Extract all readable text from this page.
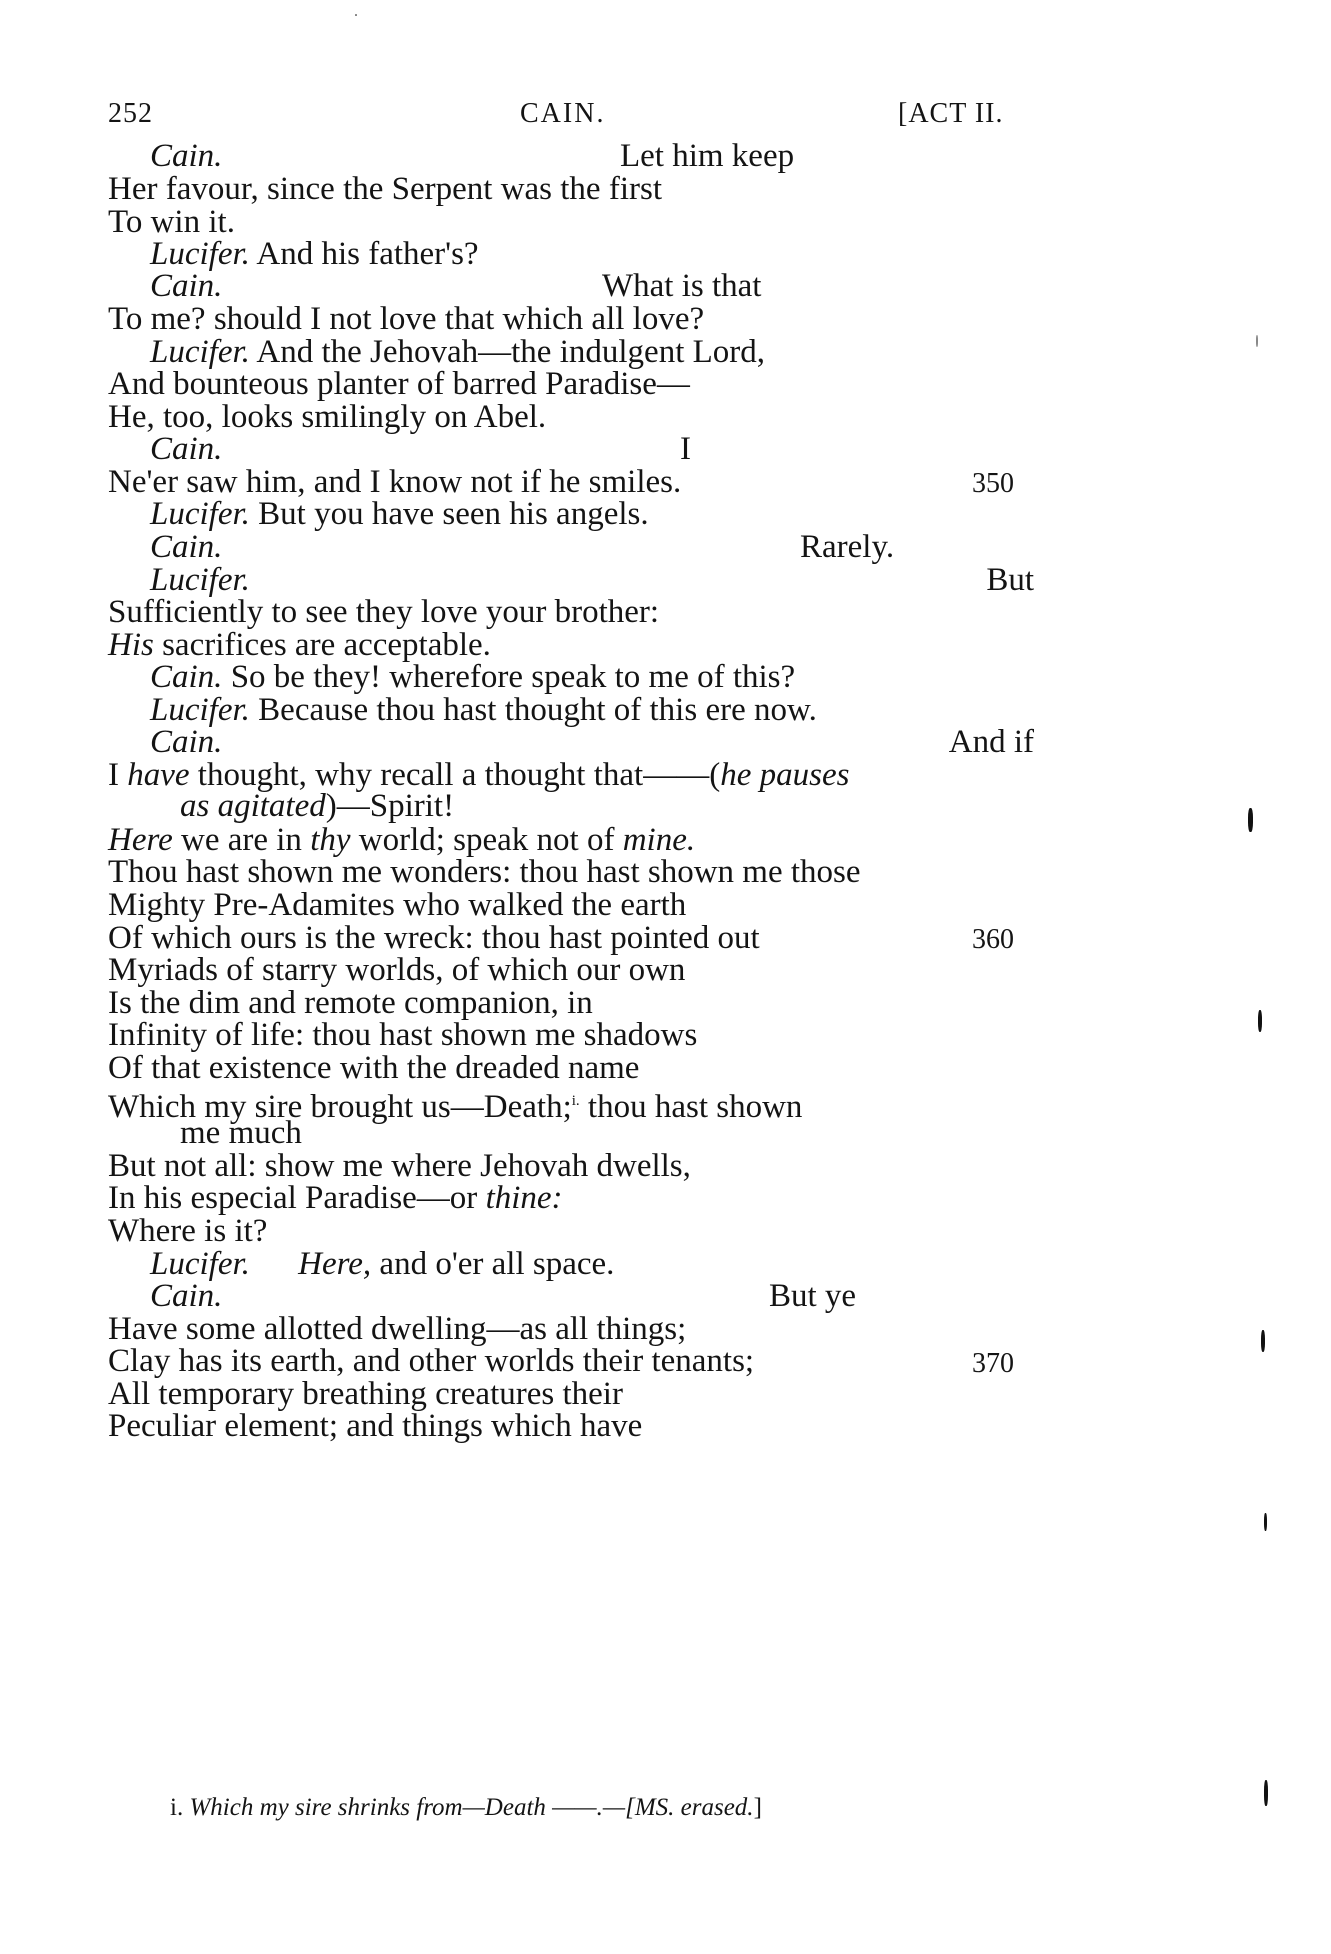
252	CAIN.	[ACT II.
Cain.	Let him keep
Her favour, since the Serpent was the first
To win it.
Lucifer. And his father's?
Cain.	What is that
To me? should I not love that which all love?
Lucifer. And the Jehovah—the indulgent Lord,
And bounteous planter of barred Paradise—
He, too, looks smilingly on Abel.
Cain.	I
Ne'er saw him, and I know not if he smiles.	350
Lucifer. But you have seen his angels.
Cain.	Rarely.
Lucifer.	But
Sufficiently to see they love your brother:
His sacrifices are acceptable.
Cain. So be they! wherefore speak to me of this?
Lucifer. Because thou hast thought of this ere now.
Cain.	And if
I have thought, why recall a thought that——(he pauses
as agitated)—Spirit!
Here we are in thy world; speak not of mine.
Thou hast shown me wonders: thou hast shown me those
Mighty Pre-Adamites who walked the earth
Of which ours is the wreck: thou hast pointed out	360
Myriads of starry worlds, of which our own
Is the dim and remote companion, in
Infinity of life: thou hast shown me shadows
Of that existence with the dreaded name
Which my sire brought us—Death;$^{i.}$ thou hast shown
me much
But not all: show me where Jehovah dwells,
In his especial Paradise—or thine:
Where is it?
Lucifer. Here, and o'er all space.
Cain.	But ye
Have some allotted dwelling—as all things;
Clay has its earth, and other worlds their tenants;	370
All temporary breathing creatures their
Peculiar element; and things which have
i. Which my sire shrinks from—Death ——.—[MS. erased.]
